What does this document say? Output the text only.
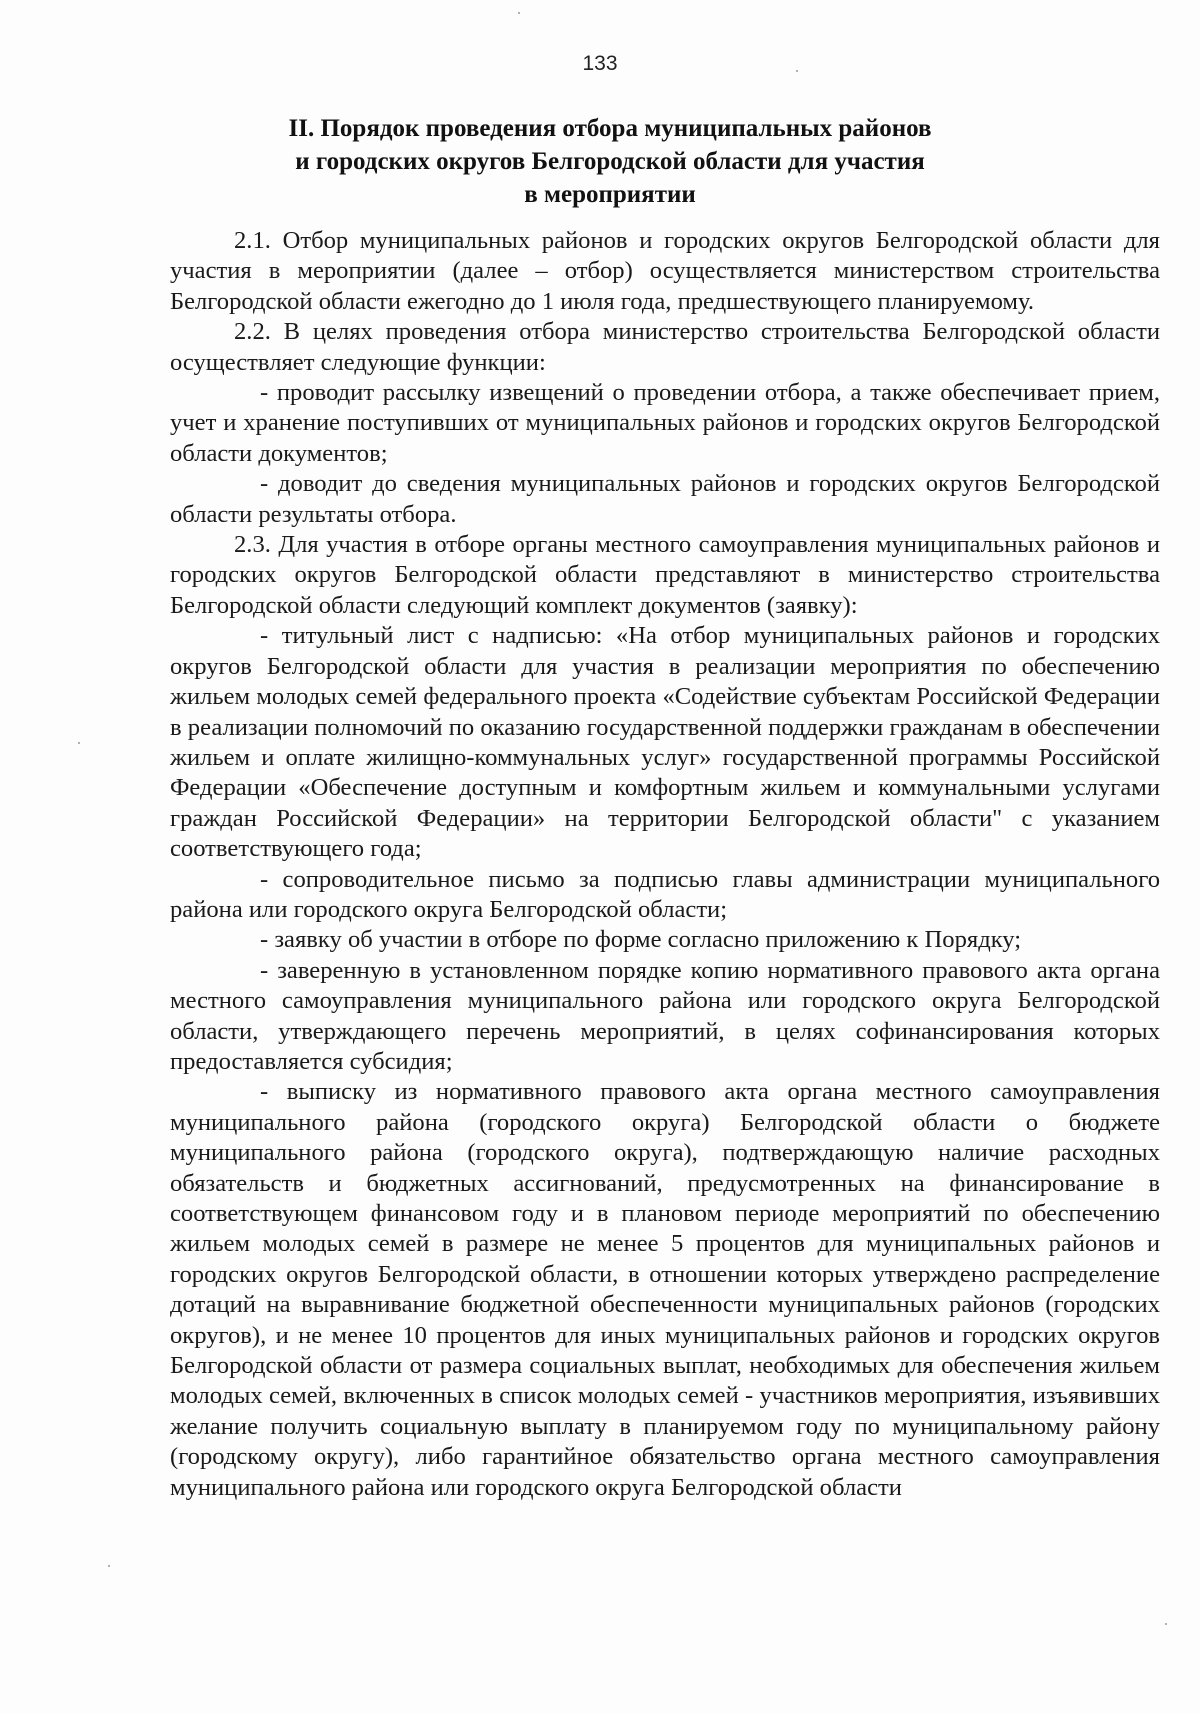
133
II. Порядок проведения отбора муниципальных районов
и городских округов Белгородской области для участия
в мероприятии

2.1. Отбор муниципальных районов и городских округов Белгородской области для участия в мероприятии (далее – отбор) осуществляется министерством строительства Белгородской области ежегодно до 1 июля года, предшествующего планируемому.

2.2. В целях проведения отбора министерство строительства Белгородской области осуществляет следующие функции:

- проводит рассылку извещений о проведении отбора, а также обеспечивает прием, учет и хранение поступивших от муниципальных районов и городских округов Белгородской области документов;

- доводит до сведения муниципальных районов и городских округов Белгородской области результаты отбора.

2.3. Для участия в отборе органы местного самоуправления муниципальных районов и городских округов Белгородской области представляют в министерство строительства Белгородской области следующий комплект документов (заявку):

- титульный лист с надписью: «На отбор муниципальных районов и городских округов Белгородской области для участия в реализации мероприятия по обеспечению жильем молодых семей федерального проекта «Содействие субъектам Российской Федерации в реализации полномочий по оказанию государственной поддержки гражданам в обеспечении жильем и оплате жилищно-коммунальных услуг» государственной программы Российской Федерации «Обеспечение доступным и комфортным жильем и коммунальными услугами граждан Российской Федерации» на территории Белгородской области" с указанием соответствующего года;

- сопроводительное письмо за подписью главы администрации муниципального района или городского округа Белгородской области;

- заявку об участии в отборе по форме согласно приложению к Порядку;

- заверенную в установленном порядке копию нормативного правового акта органа местного самоуправления муниципального района или городского округа Белгородской области, утверждающего перечень мероприятий, в целях софинансирования которых предоставляется субсидия;

- выписку из нормативного правового акта органа местного самоуправления муниципального района (городского округа) Белгородской области о бюджете муниципального района (городского округа), подтверждающую наличие расходных обязательств и бюджетных ассигнований, предусмотренных на финансирование в соответствующем финансовом году и в плановом периоде мероприятий по обеспечению жильем молодых семей в размере не менее 5 процентов для муниципальных районов и городских округов Белгородской области, в отношении которых утверждено распределение дотаций на выравнивание бюджетной обеспеченности муниципальных районов (городских округов), и не менее 10 процентов для иных муниципальных районов и городских округов Белгородской области от размера социальных выплат, необходимых для обеспечения жильем молодых семей, включенных в список молодых семей - участников мероприятия, изъявивших желание получить социальную выплату в планируемом году по муниципальному району (городскому округу), либо гарантийное обязательство органа местного самоуправления муниципального района или городского округа Белгородской области
